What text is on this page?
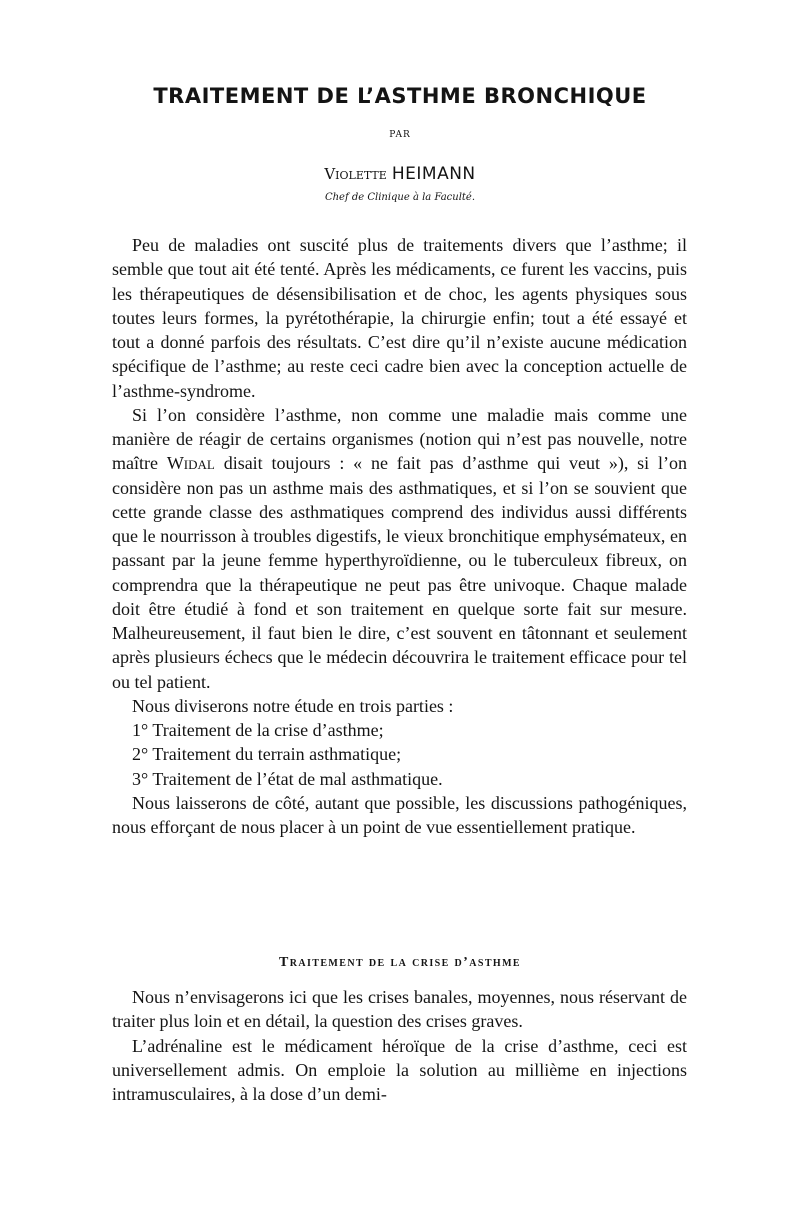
TRAITEMENT DE L’ASTHME BRONCHIQUE
PAR
Violette HEIMANN
Chef de Clinique à la Faculté.

Peu de maladies ont suscité plus de traitements divers que l’asthme; il semble que tout ait été tenté. Après les médicaments, ce furent les vaccins, puis les thérapeutiques de désensibilisation et de choc, les agents physiques sous toutes leurs formes, la pyrétothérapie, la chirurgie enfin; tout a été essayé et tout a donné parfois des résultats. C’est dire qu’il n’existe aucune médication spécifique de l’asthme; au reste ceci cadre bien avec la conception actuelle de l’asthme-syndrome.

Si l’on considère l’asthme, non comme une maladie mais comme une manière de réagir de certains organismes (notion qui n’est pas nouvelle, notre maître Widal disait toujours : « ne fait pas d’asthme qui veut »), si l’on considère non pas un asthme mais des asthmatiques, et si l’on se souvient que cette grande classe des asthmatiques comprend des individus aussi différents que le nourrisson à troubles digestifs, le vieux bronchitique emphysémateux, en passant par la jeune femme hyperthyroïdienne, ou le tuberculeux fibreux, on comprendra que la thérapeutique ne peut pas être univoque. Chaque malade doit être étudié à fond et son traitement en quelque sorte fait sur mesure. Malheureusement, il faut bien le dire, c’est souvent en tâtonnant et seulement après plusieurs échecs que le médecin découvrira le traitement efficace pour tel ou tel patient.

Nous diviserons notre étude en trois parties :

1° Traitement de la crise d’asthme;

2° Traitement du terrain asthmatique;

3° Traitement de l’état de mal asthmatique.

Nous laisserons de côté, autant que possible, les discussions pathogéniques, nous efforçant de nous placer à un point de vue essentiellement pratique.

Traitement de la crise d’asthme

Nous n’envisagerons ici que les crises banales, moyennes, nous réservant de traiter plus loin et en détail, la question des crises graves.

L’adrénaline est le médicament héroïque de la crise d’asthme, ceci est universellement admis. On emploie la solution au millième en injections intramusculaires, à la dose d’un demi-
